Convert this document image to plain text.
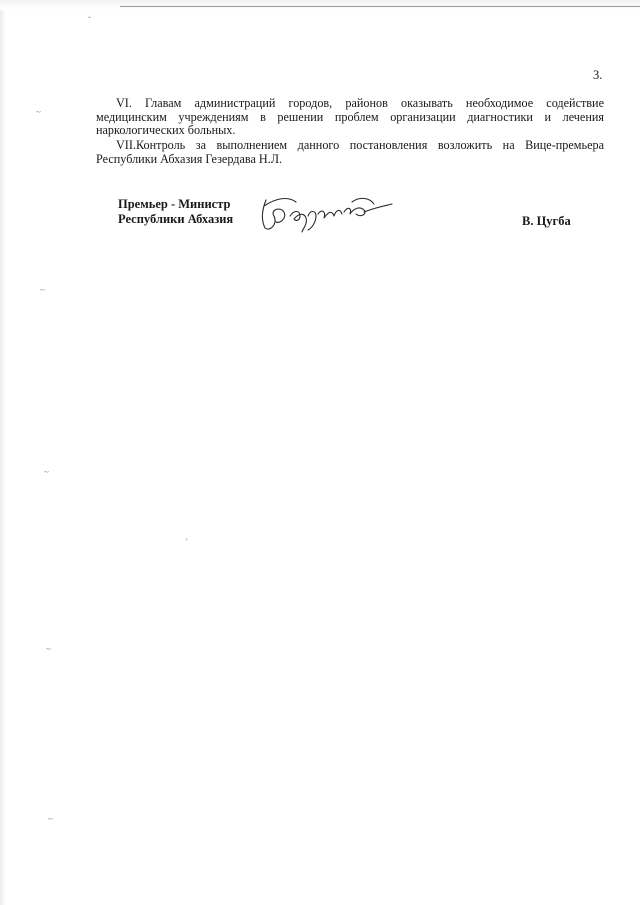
ˇ
~
~
~
'
~
~
3.

VI. Главам администраций городов, районов оказывать необходимое содействие медицинским учреждениям в решении проблем организации диагностики и лечения наркологических больных.

VII.Контроль за выполнением данного постановления возложить на Вице-премьера Республики Абхазия Гезердава Н.Л.

Премьер - Министр
Республики Абхазия	В. Цугба
